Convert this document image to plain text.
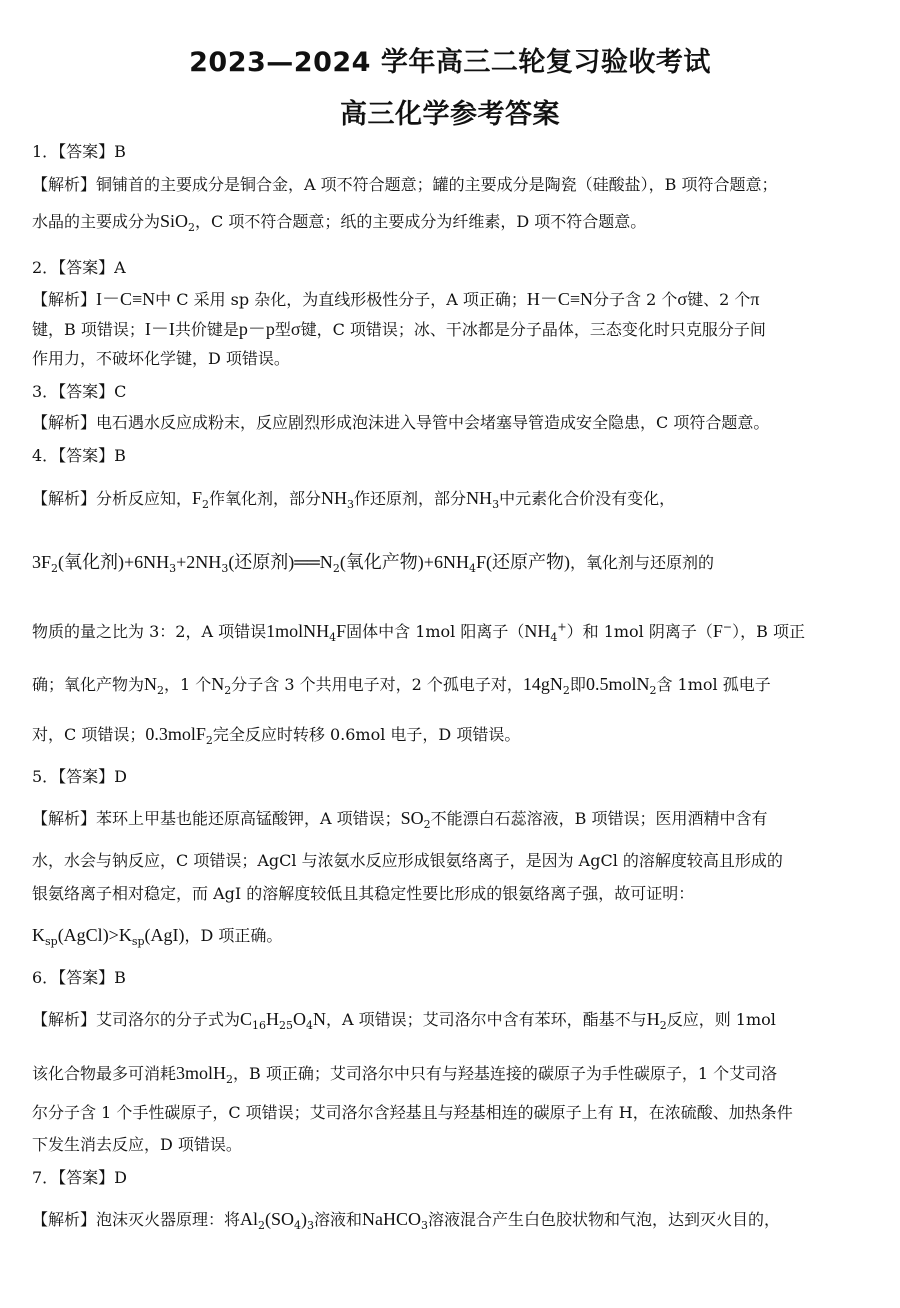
2023—2024 学年高三二轮复习验收考试
高三化学参考答案
1．【答案】B
【解析】铜铺首的主要成分是铜合金，A 项不符合题意；罐的主要成分是陶瓷（硅酸盐），B 项符合题意；
水晶的主要成分为SiO$_2$，C 项不符合题意；纸的主要成分为纤维素，D 项不符合题意。
2．【答案】A
【解析】I－C≡N中 C 采用 sp 杂化，为直线形极性分子，A 项正确；H－C≡N分子含 2 个σ键、2 个π
键，B 项错误；I－I共价键是p－p型σ键，C 项错误；冰、干冰都是分子晶体，三态变化时只克服分子间
作用力，不破坏化学键，D 项错误。
3．【答案】C
【解析】电石遇水反应成粉末，反应剧烈形成泡沫进入导管中会堵塞导管造成安全隐患，C 项符合题意。
4．【答案】B
【解析】分析反应知，$F_2$作氧化剂，部分$NH_3$作还原剂，部分$NH_3$中元素化合价没有变化，
$3F_2$(氧化剂)$+6NH_3+2NH_3$(还原剂)$══N_2$(氧化产物)$+6NH_4F$(还原产物)，氧化剂与还原剂的
物质的量之比为 3：2，A 项错误1molNH$_4$F固体中含 1mol 阳离子$(NH_4^+)$和 1mol 阴离子（F−），B 项正
确；氧化产物为$N_2$，1 个$N_2$分子含 3 个共用电子对，2 个孤电子对，$14gN_2$即0.5molN$_2$含 1mol 孤电子
对，C 项错误；0.3molF$_2$完全反应时转移 0.6mol 电子，D 项错误。
5．【答案】D
【解析】苯环上甲基也能还原高锰酸钾，A 项错误；$SO_2$不能漂白石蕊溶液，B 项错误；医用酒精中含有
水，水会与钠反应，C 项错误；AgCl 与浓氨水反应形成银氨络离子，是因为 AgCl 的溶解度较高且形成的
银氨络离子相对稳定，而 AgI 的溶解度较低且其稳定性要比形成的银氨络离子强，故可证明：
$K_{sp}(AgCl)>K_{sp}(AgI)$，D 项正确。
6．【答案】B
【解析】艾司洛尔的分子式为$C_{16}H_{25}O_4N$，A 项错误；艾司洛尔中含有苯环，酯基不与$H_2$反应，则 1mol
该化合物最多可消耗3molH$_2$，B 项正确；艾司洛尔中只有与羟基连接的碳原子为手性碳原子，1 个艾司洛
尔分子含 1 个手性碳原子，C 项错误；艾司洛尔含羟基且与羟基相连的碳原子上有 H，在浓硫酸、加热条件
下发生消去反应，D 项错误。
7．【答案】D
【解析】泡沫灭火器原理：将$Al_2(SO_4)_3$溶液和NaHCO$_3$溶液混合产生白色胶状物和气泡，达到灭火目的，
